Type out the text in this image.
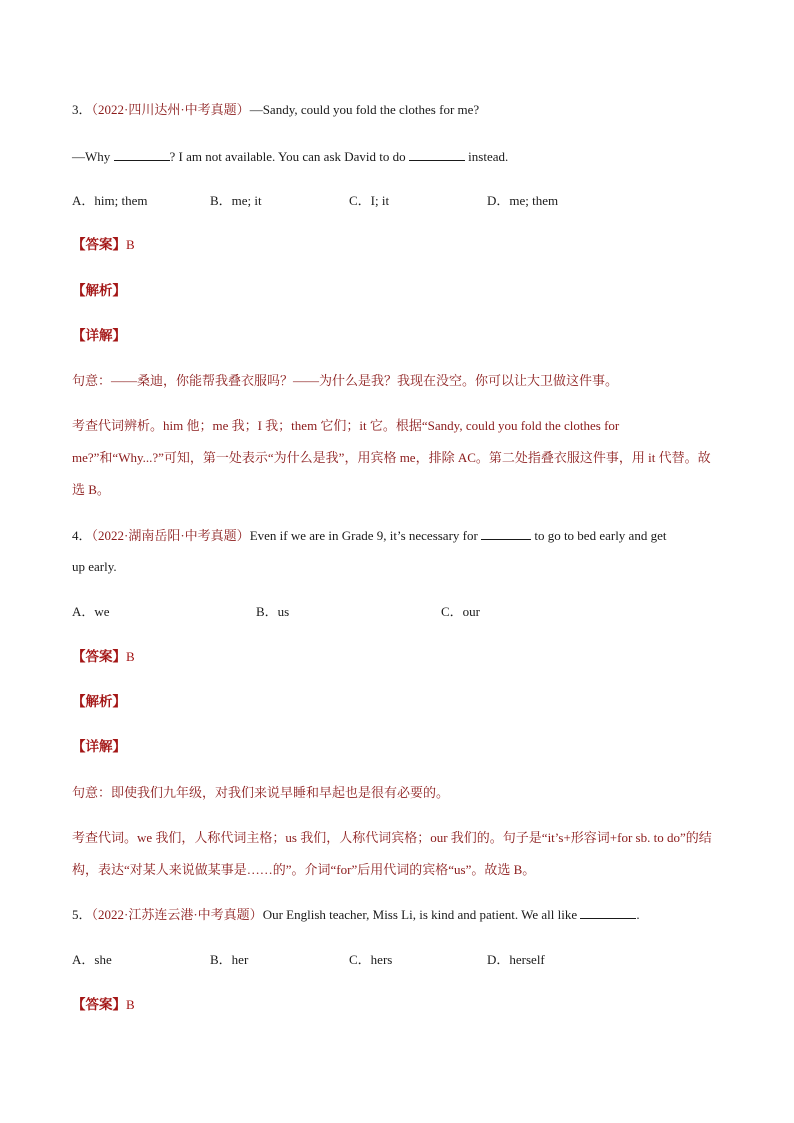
3．（2022·四川达州·中考真题）—Sandy, could you fold the clothes for me?
—Why	? I am not available. You can ask David to do	instead.
A．him; them	B．me; it	C．I; it	D．me; them
【答案】B
【解析】
【详解】
句意：——桑迪，你能帮我叠衣服吗？——为什么是我？我现在没空。你可以让大卫做这件事。
考查代词辨析。him 他；me 我；I 我；them 它们；it 它。根据“Sandy, could you fold the clothes for me?”和“Why...?”可知，第一处表示“为什么是我”，用宾格 me，排除 AC。第二处指叠衣服这件事，用 it 代替。故选 B。
4．（2022·湖南岳阳·中考真题）Even if we are in Grade 9, it’s necessary for	to go to bed early and get
up early.
A．we	B．us	C．our
【答案】B
【解析】
【详解】
句意：即使我们九年级，对我们来说早睡和早起也是很有必要的。
考查代词。we 我们，人称代词主格；us 我们，人称代词宾格；our 我们的。句子是“it’s+形容词+for sb. to do”的结构，表达“对某人来说做某事是……的”。介词“for”后用代词的宾格“us”。故选 B。
5．（2022·江苏连云港·中考真题）Our English teacher, Miss Li, is kind and patient. We all like	.
A．she	B．her	C．hers	D．herself
【答案】B
